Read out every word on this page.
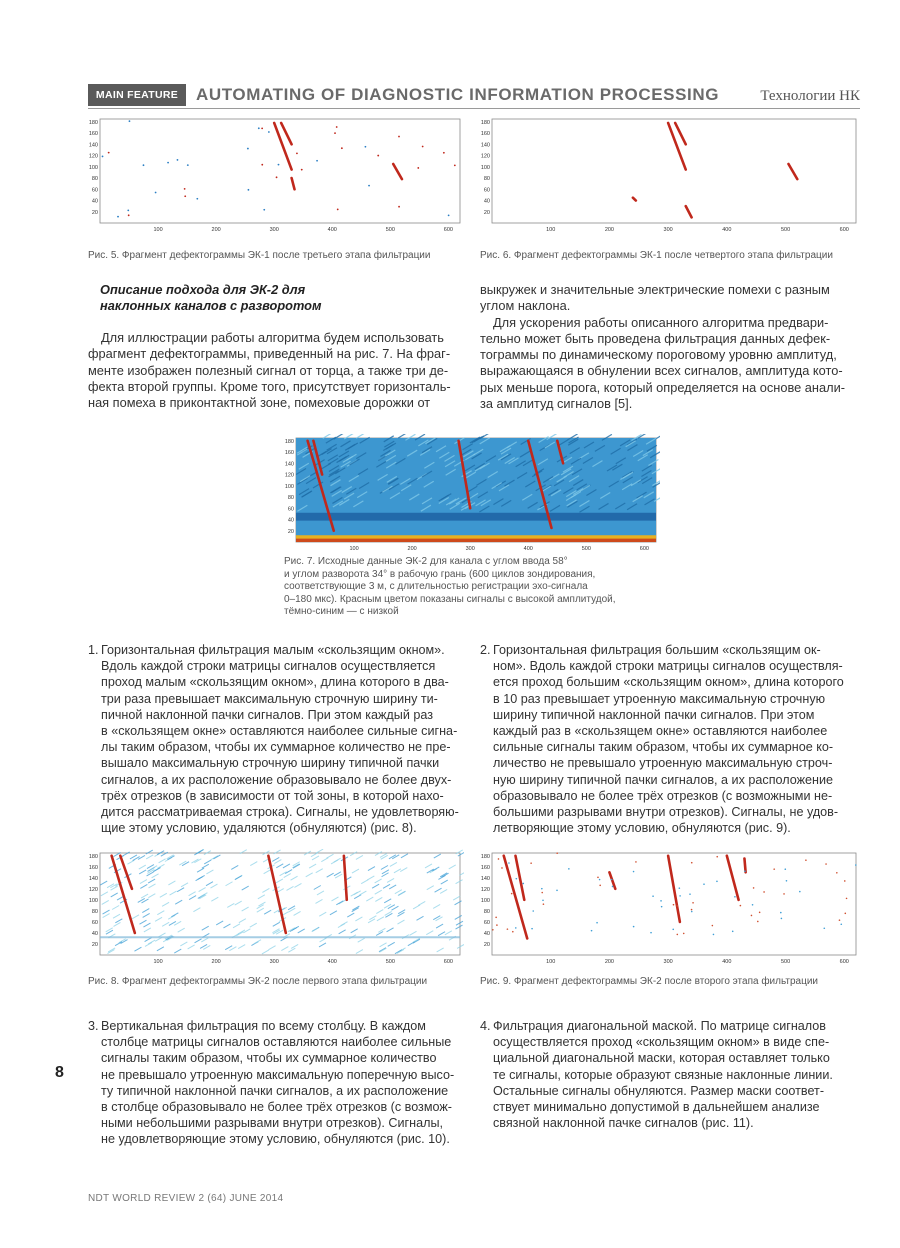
MAIN FEATURE	AUTOMATING OF DIAGNOSTIC INFORMATION PROCESSING	Технологии НК
180
160
140
120
100
80
60
40
20
100	200	300	400	500	600
Рис. 5. Фрагмент дефектограммы ЭК-1 после третьего этапа фильтрации
180
160
140
120
100
80
60
40
20
100	200	300	400	500	600
Рис. 6. Фрагмент дефектограммы ЭК-1 после четвертого этапа фильтрации
Описание подхода для ЭК-2 для
наклонных каналов с разворотом
Для иллюстрации работы алгоритма будем использовать
фрагмент дефектограммы, приведенный на рис. 7. На фраг-
менте изображен полезный сигнал от торца, а также три де-
фекта второй группы. Кроме того, присутствует горизонталь-
ная помеха в приконтактной зоне, помеховые дорожки от
выкружек и значительные электрические помехи с разным
углом наклона.
Для ускорения работы описанного алгоритма предвари-
тельно может быть проведена фильтрация данных дефек-
тограммы по динамическому пороговому уровню амплитуд,
выражающаяся в обнулении всех сигналов, амплитуда кото-
рых меньше порога, который определяется на основе анали-
за амплитуд сигналов [5].
180
160
140
120
100
80
60
40
20
100	200	300	400	500	600
Рис. 7. Исходные данные ЭК-2 для канала с углом ввода 58°
и углом разворота 34° в рабочую грань (600 циклов зондирования,
соответствующие 3 м, с длительностью регистрации эхо-сигнала
0–180 мкс). Красным цветом показаны сигналы с высокой амплитудой,
тёмно-синим — с низкой
1. Горизонтальная фильтрация малым «скользящим окном».
Вдоль каждой строки матрицы сигналов осуществляется
проход малым «скользящим окном», длина которого в два-
три раза превышает максимальную строчную ширину ти-
пичной наклонной пачки сигналов. При этом каждый раз
в «скользящем окне» оставляются наиболее сильные сигна-
лы таким образом, чтобы их суммарное количество не пре-
вышало максимальную строчную ширину типичной пачки
сигналов, а их расположение образовывало не более двух-
трёх отрезков (в зависимости от той зоны, в которой нахо-
дится рассматриваемая строка). Сигналы, не удовлетворяю-
щие этому условию, удаляются (обнуляются) (рис. 8).
2. Горизонтальная фильтрация большим «скользящим ок-
ном». Вдоль каждой строки матрицы сигналов осуществля-
ется проход большим «скользящим окном», длина которого
в 10 раз превышает утроенную максимальную строчную
ширину типичной наклонной пачки сигналов. При этом
каждый раз в «скользящем окне» оставляются наиболее
сильные сигналы таким образом, чтобы их суммарное ко-
личество не превышало утроенную максимальную строч-
ную ширину типичной пачки сигналов, а их расположение
образовывало не более трёх отрезков (с возможными не-
большими разрывами внутри отрезков). Сигналы, не удов-
летворяющие этому условию, обнуляются (рис. 9).
180
160
140
120
100
80
60
40
20
100	200	300	400	500	600
Рис. 8. Фрагмент дефектограммы ЭК-2 после первого этапа фильтрации
180
160
140
120
100
80
60
40
20
100	200	300	400	500	600
Рис. 9. Фрагмент дефектограммы ЭК-2 после второго этапа фильтрации
3. Вертикальная фильтрация по всему столбцу. В каждом
столбце матрицы сигналов оставляются наиболее сильные
сигналы таким образом, чтобы их суммарное количество
не превышало утроенную максимальную поперечную высо-
ту типичной наклонной пачки сигналов, а их расположение
в столбце образовывало не более трёх отрезков (с возмож-
ными небольшими разрывами внутри отрезков). Сигналы,
не удовлетворяющие этому условию, обнуляются (рис. 10).
4. Фильтрация диагональной маской. По матрице сигналов
осуществляется проход «скользящим окном» в виде спе-
циальной диагональной маски, которая оставляет только
те сигналы, которые образуют связные наклонные линии.
Остальные сигналы обнуляются. Размер маски соответ-
ствует минимально допустимой в дальнейшем анализе
связной наклонной пачке сигналов (рис. 11).
8
NDT WORLD REVIEW 2 (64) JUNE 2014
